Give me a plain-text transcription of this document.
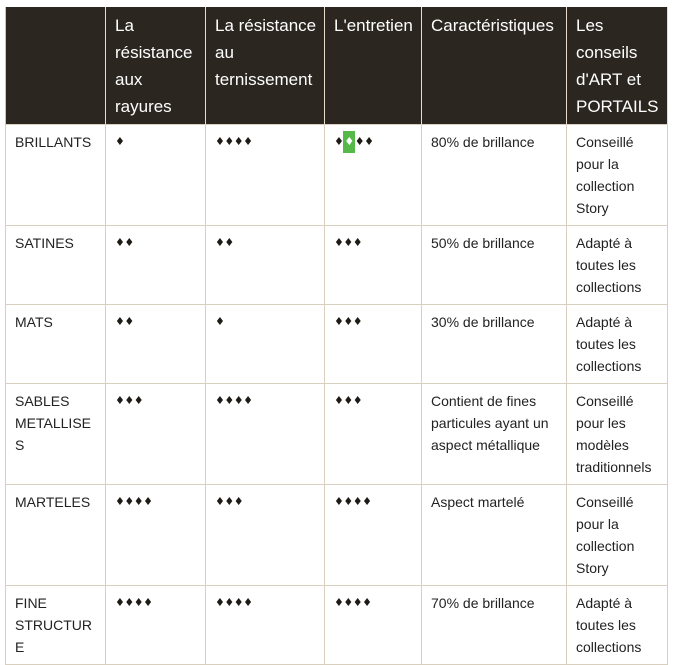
	La résistance aux rayures	La résistance au ternissement	L'entretien	Caractéristiques	Les conseils d'ART et PORTAILS
BRILLANTS	♦	♦♦♦♦	♦♦♦♦	80% de brillance	Conseillé pour la collection Story
SATINES	♦♦	♦♦	♦♦♦	50% de brillance	Adapté à toutes les collections
MATS	♦♦	♦	♦♦♦	30% de brillance	Adapté à toutes les collections
SABLES METALLISES	♦♦♦	♦♦♦♦	♦♦♦	Contient de fines particules ayant un aspect métallique	Conseillé pour les modèles traditionnels
MARTELES	♦♦♦♦	♦♦♦	♦♦♦♦	Aspect martelé	Conseillé pour la collection Story
FINE STRUCTURE	♦♦♦♦	♦♦♦♦	♦♦♦♦	70% de brillance	Adapté à toutes les collections
